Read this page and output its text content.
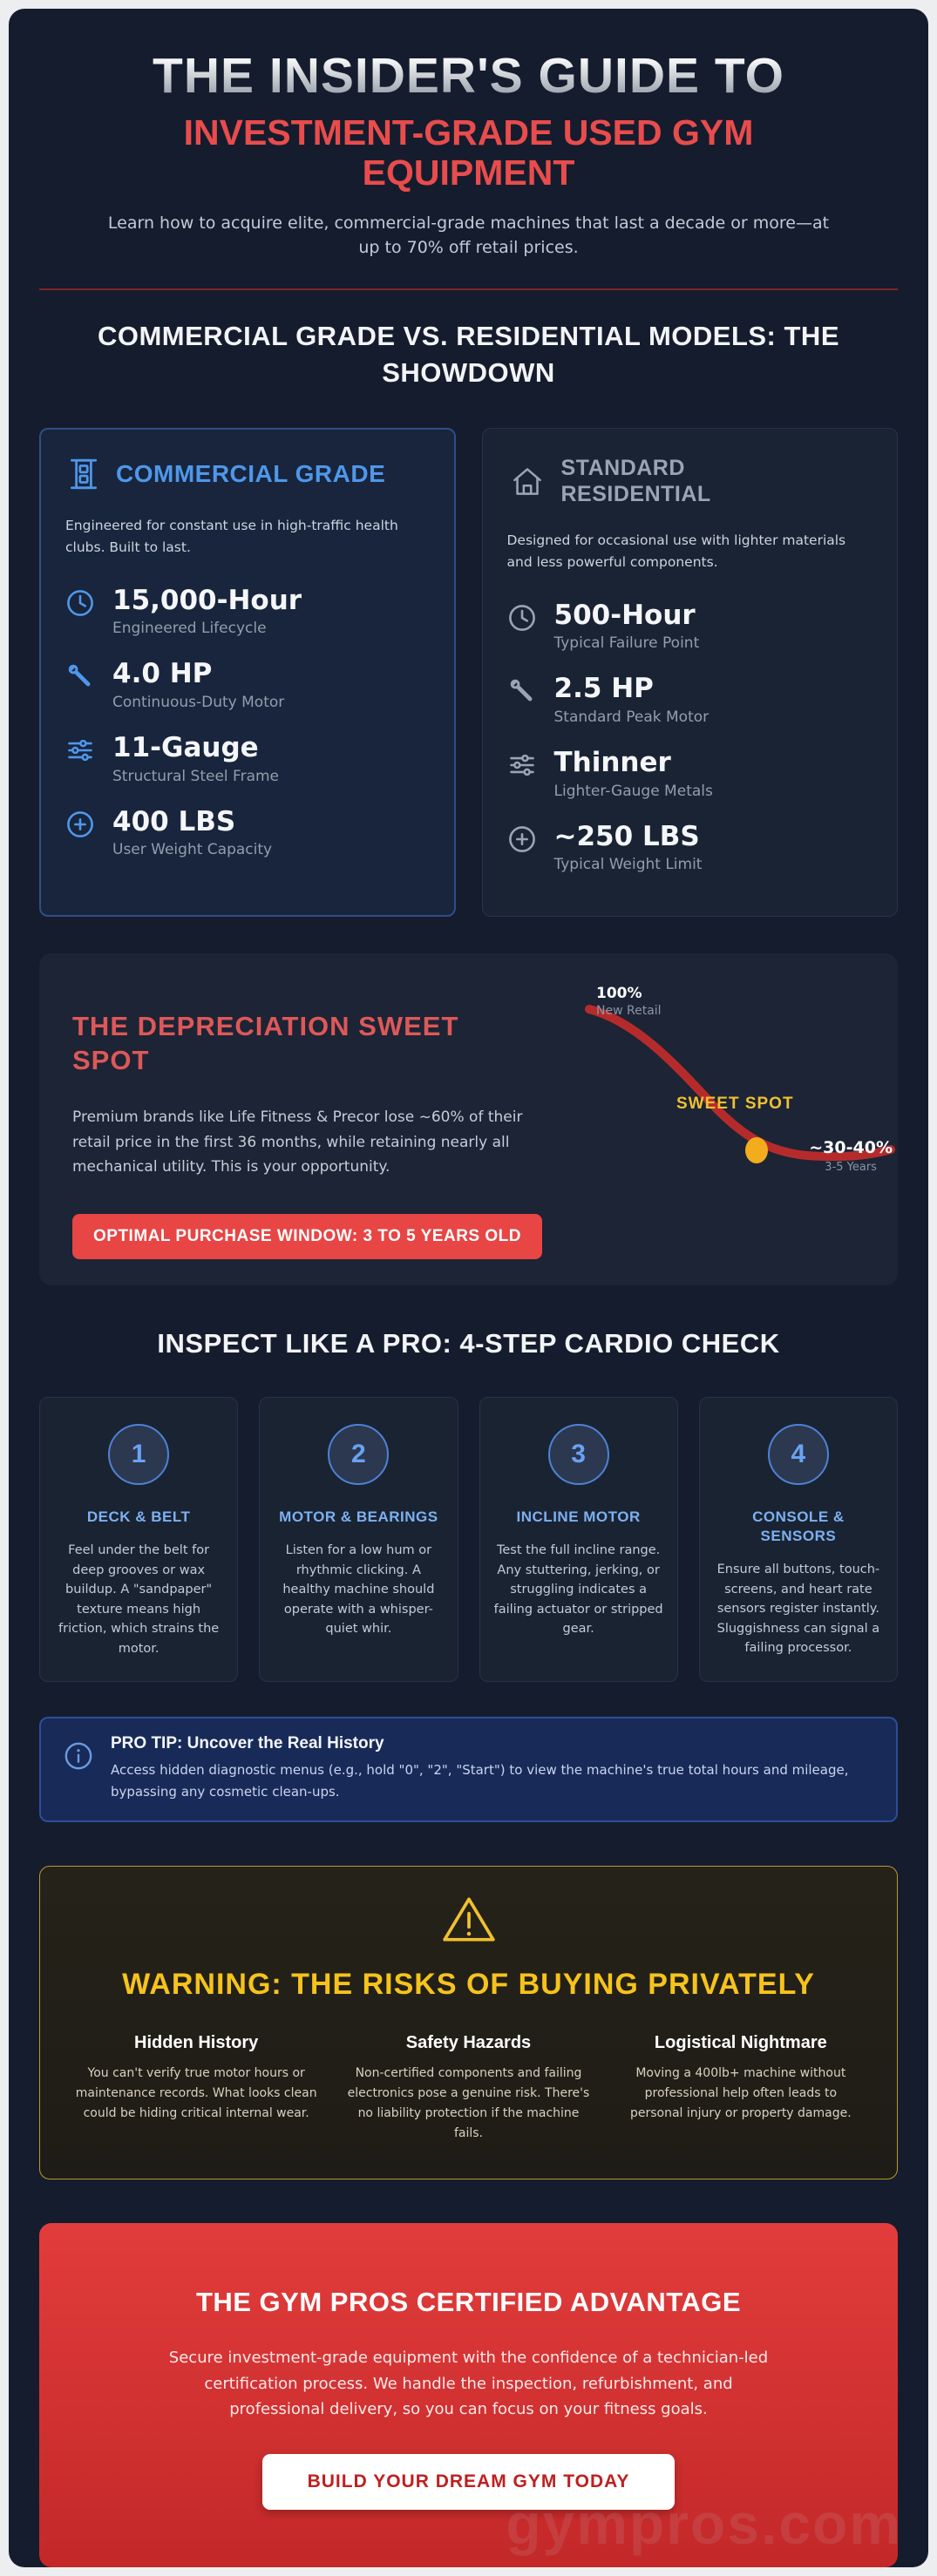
THE INSIDER'S GUIDE TO
INVESTMENT-GRADE USED GYM EQUIPMENT

Learn how to acquire elite, commercial-grade machines that last a decade or more—at up to 70% off retail prices.

COMMERCIAL GRADE VS. RESIDENTIAL MODELS: THE SHOWDOWN
COMMERCIAL GRADE

Engineered for constant use in high-traffic health clubs. Built to last.

15,000-Hour
Engineered Lifecycle
4.0 HP
Continuous-Duty Motor
11-Gauge
Structural Steel Frame
400 LBS
User Weight Capacity
STANDARD RESIDENTIAL

Designed for occasional use with lighter materials and less powerful components.

500-Hour
Typical Failure Point
2.5 HP
Standard Peak Motor
Thinner
Lighter-Gauge Metals
~250 LBS
Typical Weight Limit
THE DEPRECIATION SWEET SPOT

Premium brands like Life Fitness & Precor lose ~60% of their retail price in the first 36 months, while retaining nearly all mechanical utility. This is your opportunity.

OPTIMAL PURCHASE WINDOW: 3 TO 5 YEARS OLD
100%
New Retail
SWEET SPOT
~30-40%
3-5 Years
INSPECT LIKE A PRO: 4-STEP CARDIO CHECK
1
DECK & BELT
Feel under the belt for deep grooves or wax buildup. A "sandpaper" texture means high friction, which strains the motor.
2
MOTOR & BEARINGS
Listen for a low hum or rhythmic clicking. A healthy machine should operate with a whisper-quiet whir.
3
INCLINE MOTOR
Test the full incline range. Any stuttering, jerking, or struggling indicates a failing actuator or stripped gear.
4
CONSOLE & SENSORS
Ensure all buttons, touch-screens, and heart rate sensors register instantly. Sluggishness can signal a failing processor.
PRO TIP: Uncover the Real History
Access hidden diagnostic menus (e.g., hold "0", "2", "Start") to view the machine's true total hours and mileage, bypassing any cosmetic clean-ups.
WARNING: THE RISKS OF BUYING PRIVATELY
Hidden History
You can't verify true motor hours or maintenance records. What looks clean could be hiding critical internal wear.
Safety Hazards
Non-certified components and failing electronics pose a genuine risk. There's no liability protection if the machine fails.
Logistical Nightmare
Moving a 400lb+ machine without professional help often leads to personal injury or property damage.
THE GYM PROS CERTIFIED ADVANTAGE

Secure investment-grade equipment with the confidence of a technician-led certification process. We handle the inspection, refurbishment, and professional delivery, so you can focus on your fitness goals.

BUILD YOUR DREAM GYM TODAY
